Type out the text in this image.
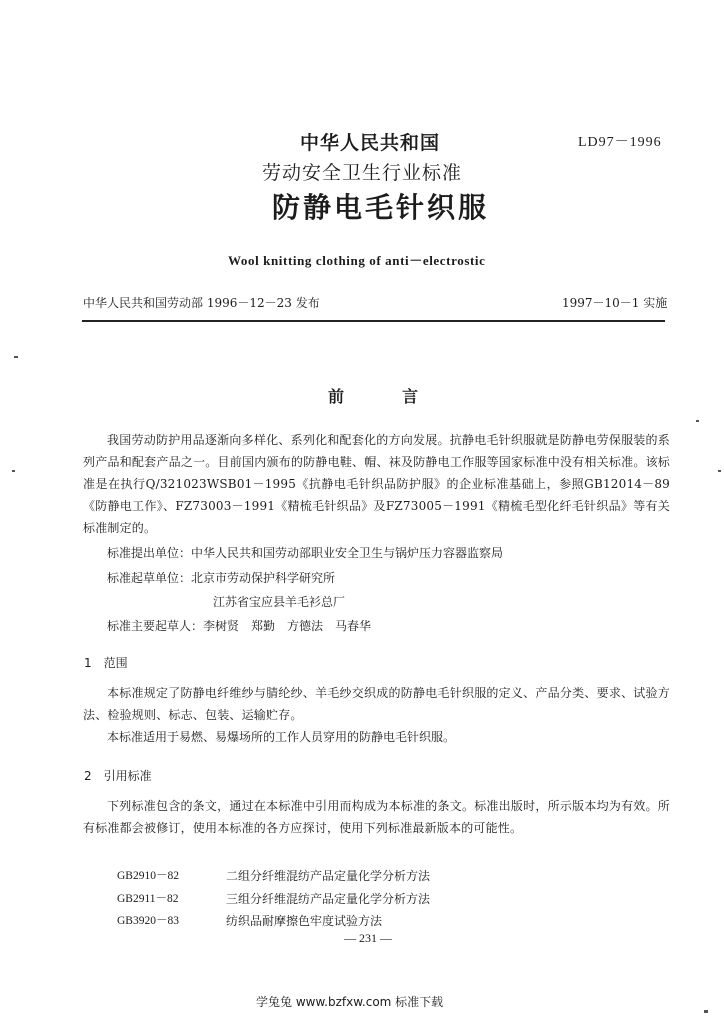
中华人民共和国	LD97－1996
劳动安全卫生行业标准
防静电毛针织服
Wool knitting clothing of anti－electrostic
中华人民共和国劳动部 1996－12－23 发布	1997－10－1 实施
前	言
我国劳动防护用品逐渐向多样化、系列化和配套化的方向发展。抗静电毛针织服就是防静电劳保服装的系列产品和配套产品之一。目前国内颁布的防静电鞋、帽、袜及防静电工作服等国家标准中没有相关标准。该标准是在执行Q/321023WSB01－1995《抗静电毛针织品防护服》的企业标准基础上，参照GB12014－89《防静电工作》、FZ73003－1991《精梳毛针织品》及FZ73005－1991《精梳毛型化纤毛针织品》等有关标准制定的。
标准提出单位：中华人民共和国劳动部职业安全卫生与锅炉压力容器监察局
标准起草单位：北京市劳动保护科学研究所
江苏省宝应县羊毛衫总厂
标准主要起草人：李树贤　郑勤　方德法　马春华
1　范围
本标准规定了防静电纤维纱与腈纶纱、羊毛纱交织成的防静电毛针织服的定义、产品分类、要求、试验方法、检验规则、标志、包装、运输贮存。
本标准适用于易燃、易爆场所的工作人员穿用的防静电毛针织服。
2　引用标准
下列标准包含的条文，通过在本标准中引用而构成为本标准的条文。标准出版时，所示版本均为有效。所有标准都会被修订，使用本标准的各方应探讨，使用下列标准最新版本的可能性。
GB2910－82	二组分纤维混纺产品定量化学分析方法
GB2911－82	三组分纤维混纺产品定量化学分析方法
GB3920－83	纺织品耐摩擦色牢度试验方法
— 231 —
学兔兔 www.bzfxw.com 标准下载
